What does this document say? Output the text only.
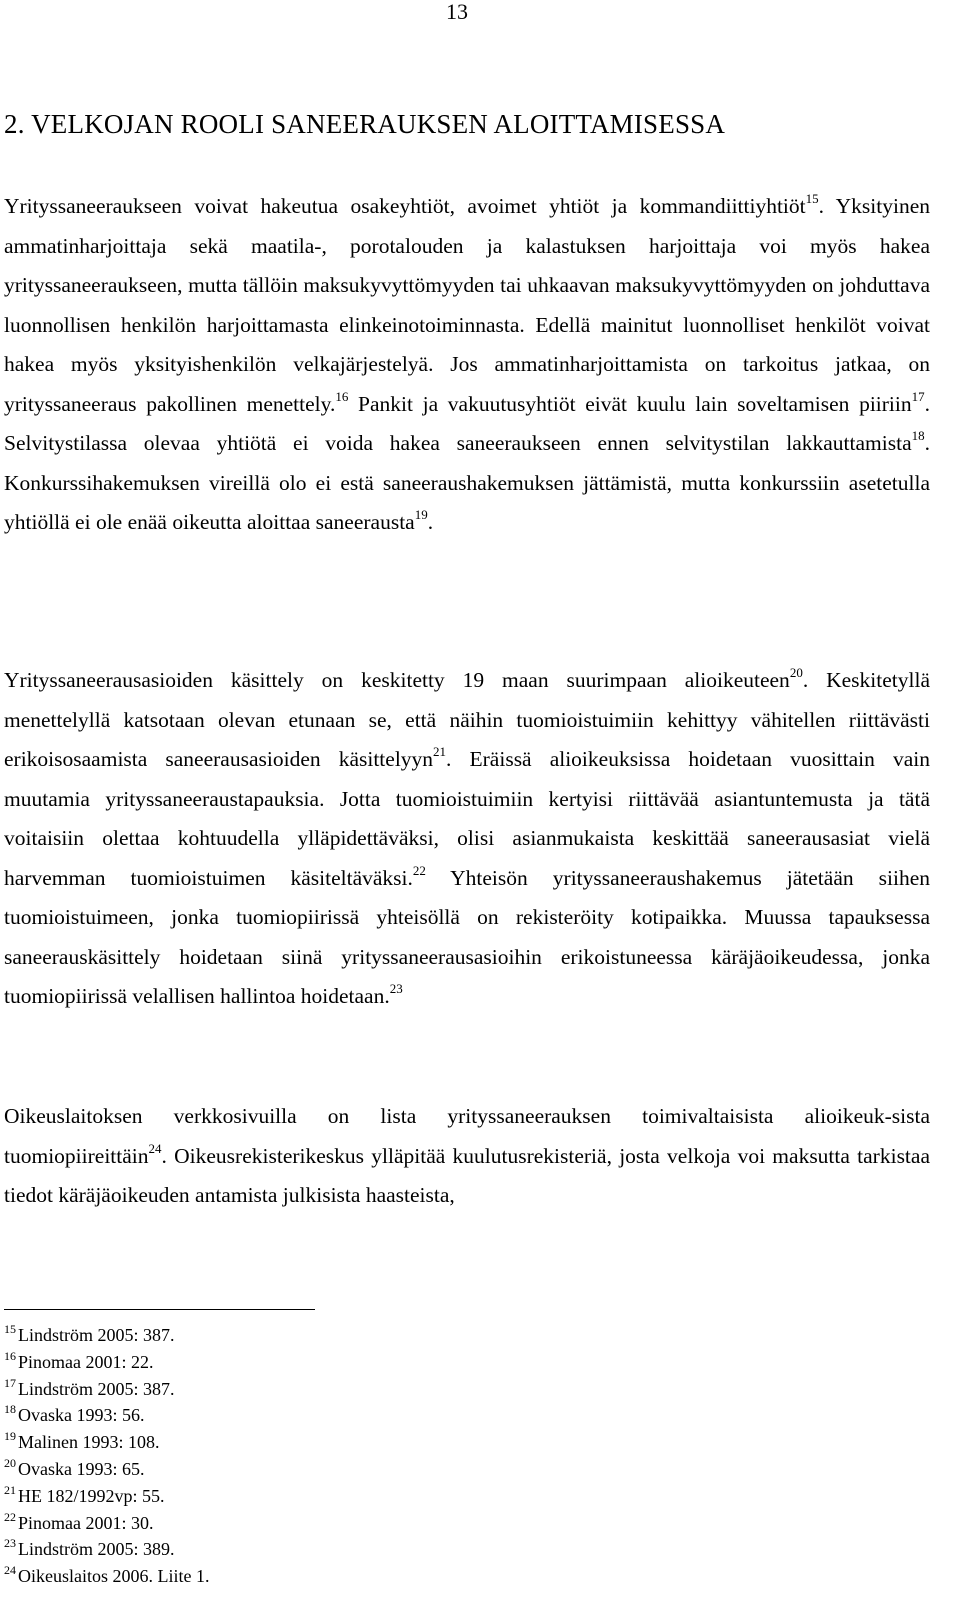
13
2. VELKOJAN ROOLI SANEERAUKSEN ALOITTAMISESSA

Yrityssaneeraukseen voivat hakeutua osakeyhtiöt, avoimet yhtiöt ja kommandiittiyhtiöt$^{15}$. Yksityinen ammatinharjoittaja sekä maatila-, porotalouden ja kalastuksen harjoittaja voi myös hakea yrityssaneeraukseen, mutta tällöin maksukyvyttömyyden tai uhkaavan maksukyvyttömyyden on johduttava luonnollisen henkilön harjoittamasta elinkeinotoiminnasta. Edellä mainitut luonnolliset henkilöt voivat hakea myös yksityishenkilön velkajärjestelyä. Jos ammatinharjoittamista on tarkoitus jatkaa, on yrityssaneeraus pakollinen menettely.$^{16}$ Pankit ja vakuutusyhtiöt eivät kuulu lain soveltamisen piiriin$^{17}$. Selvitystilassa olevaa yhtiötä ei voida hakea saneeraukseen ennen selvitystilan lakkauttamista$^{18}$. Konkurssihakemuksen vireillä olo ei estä saneeraushakemuksen jättämistä, mutta konkurssiin asetetulla yhtiöllä ei ole enää oikeutta aloittaa saneerausta$^{19}$.

Yrityssaneerausasioiden käsittely on keskitetty 19 maan suurimpaan alioikeuteen$^{20}$. Keskitetyllä menettelyllä katsotaan olevan etunaan se, että näihin tuomioistuimiin kehittyy vähitellen riittävästi erikoisosaamista saneerausasioiden käsittelyyn$^{21}$. Eräissä alioikeuksissa hoidetaan vuosittain vain muutamia yrityssaneeraustapauksia. Jotta tuomioistuimiin kertyisi riittävää asiantuntemusta ja tätä voitaisiin olettaa kohtuudella ylläpidettäväksi, olisi asianmukaista keskittää saneerausasiat vielä harvemman tuomioistuimen käsiteltäväksi.$^{22}$ Yhteisön yrityssaneeraushakemus jätetään siihen tuomioistuimeen, jonka tuomiopiirissä yhteisöllä on rekisteröity kotipaikka. Muussa tapauksessa saneerauskäsittely hoidetaan siinä yrityssaneerausasioihin erikoistuneessa käräjäoikeudessa, jonka tuomiopiirissä velallisen hallintoa hoidetaan.$^{23}$

Oikeuslaitoksen verkkosivuilla on lista yrityssaneerauksen toimivaltaisista alioikeuk-sista tuomiopiireittäin$^{24}$. Oikeusrekisterikeskus ylläpitää kuulutusrekisteriä, josta velkoja voi maksutta tarkistaa tiedot käräjäoikeuden antamista julkisista haasteista,

$^{15}$ Lindström 2005: 387.
$^{16}$ Pinomaa 2001: 22.
$^{17}$ Lindström 2005: 387.
$^{18}$ Ovaska 1993: 56.
$^{19}$ Malinen 1993: 108.
$^{20}$ Ovaska 1993: 65.
$^{21}$ HE 182/1992vp: 55.
$^{22}$ Pinomaa 2001: 30.
$^{23}$ Lindström 2005: 389.
$^{24}$ Oikeuslaitos 2006. Liite 1.
